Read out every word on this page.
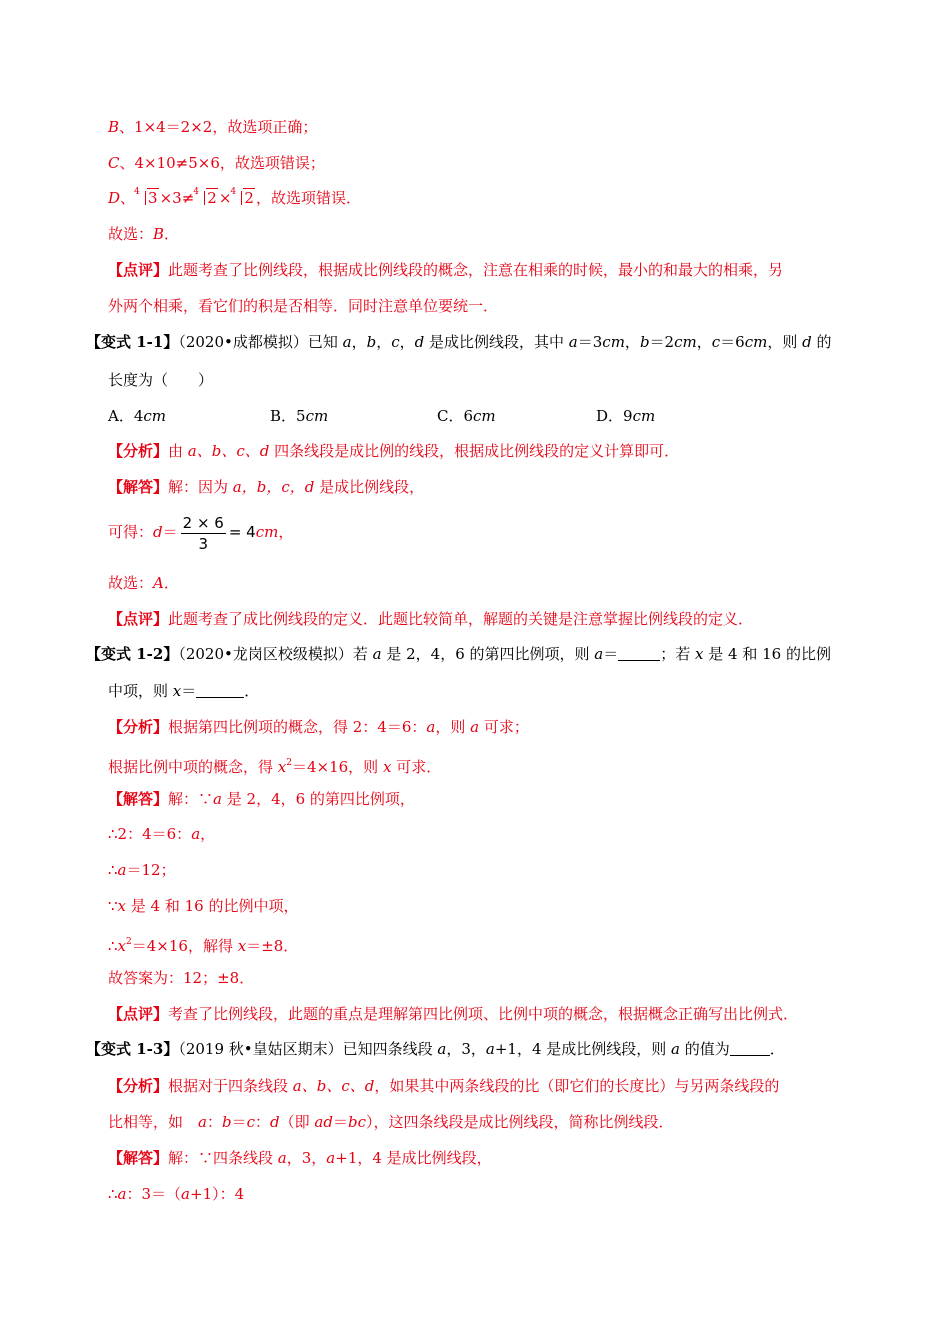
B、1×4＝2×2，故选项正确；
C、4×10≠5×6，故选项错误；
D、 4 3 ×3≠ 4 2 × 4 2 ，故选项错误．
故选：B．
【点评】此题考查了比例线段，根据成比例线段的概念，注意在相乘的时候，最小的和最大的相乘，另
外两个相乘，看它们的积是否相等．同时注意单位要统一．
【变式 1-1】（2020•成都模拟）已知 a，b，c，d 是成比例线段，其中 a＝3cm，b＝2cm，c＝6cm，则 d 的
长度为（　　）
A．4cm	B．5cm	C．6cm	D．9cm
【分析】由 a、b、c、d 四条线段是成比例的线段，根据成比例线段的定义计算即可．
【解答】解：因为 a，b，c，d 是成比例线段，
可得：$d= \frac{2 \times 6}{3} = 4cm$，
故选：A．
【点评】此题考查了成比例线段的定义．此题比较简单，解题的关键是注意掌握比例线段的定义．
【变式 1-2】（2020•龙岗区校级模拟）若 a 是 2，4，6 的第四比例项，则 a＝	；若 x 是 4 和 16 的比例
中项，则 x＝	．
【分析】根据第四比例项的概念，得 2：4＝6：a，则 a 可求；
根据比例中项的概念，得 $x^2=4\times 16$，则 x 可求．
【解答】解：∵a 是 2，4，6 的第四比例项，
∴2：4＝6：a，
∴a＝12；
∵x 是 4 和 16 的比例中项，
$\therefore x^2=4\times 16$，解得 x＝±8．
故答案为：12；±8．
【点评】考查了比例线段，此题的重点是理解第四比例项、比例中项的概念，根据概念正确写出比例式．
【变式 1-3】（2019 秋•皇姑区期末）已知四条线段 a，3，a+1，4 是成比例线段，则 a 的值为	．
【分析】根据对于四条线段 a、b、c、d，如果其中两条线段的比（即它们的长度比）与另两条线段的
比相等，如　a：b＝c：d（即 ad＝bc），这四条线段是成比例线段，简称比例线段．
【解答】解：∵四条线段 a，3，a+1，4 是成比例线段，
∴a：3＝（a+1）：4
